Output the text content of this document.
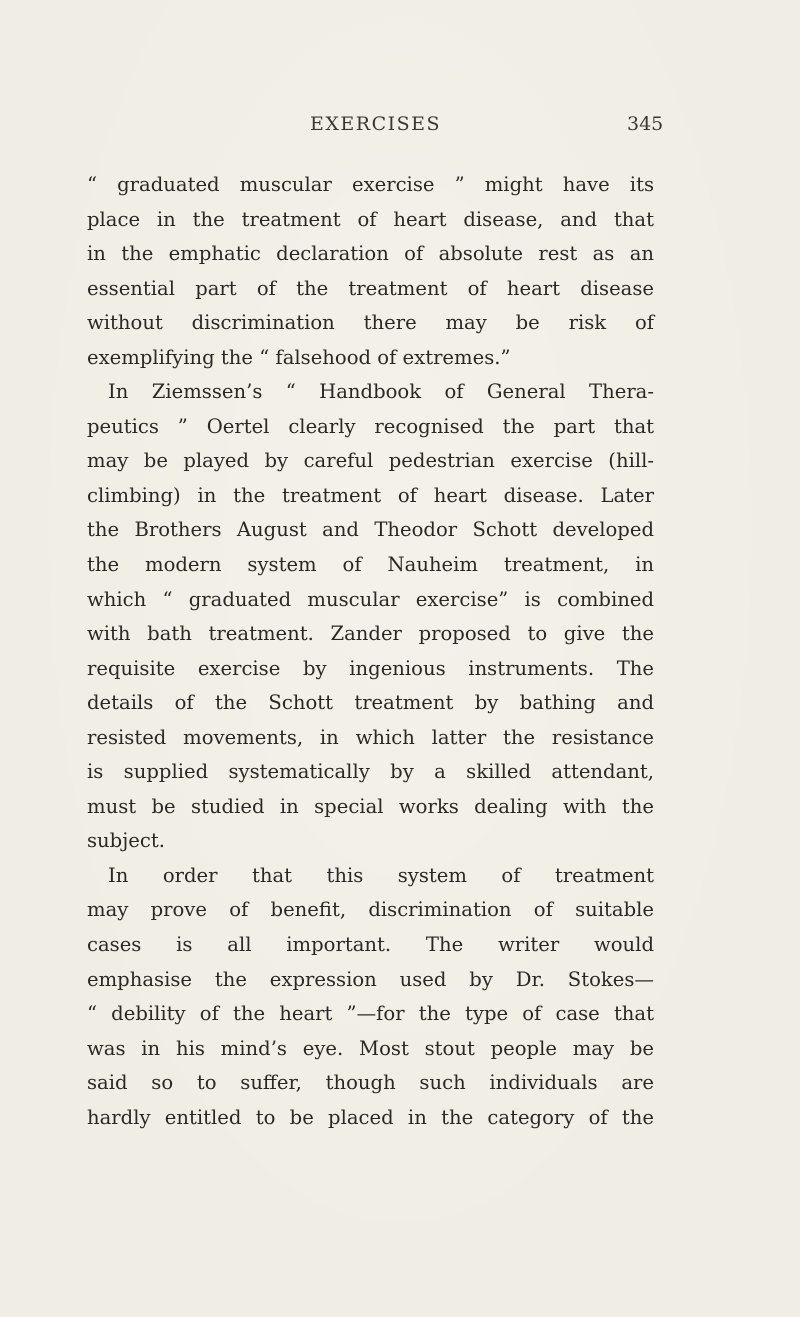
EXERCISES	345
“ graduated muscular exercise ” might have its
place in the treatment of heart disease, and that
in the emphatic declaration of absolute rest as an
essential part of the treatment of heart disease
without discrimination there may be risk of
exemplifying the “ falsehood of extremes.”
In Ziemssen’s “ Handbook of General Thera-
peutics ” Oertel clearly recognised the part that
may be played by careful pedestrian exercise (hill-
climbing) in the treatment of heart disease. Later
the Brothers August and Theodor Schott developed
the modern system of Nauheim treatment, in
which “ graduated muscular exercise” is combined
with bath treatment. Zander proposed to give the
requisite exercise by ingenious instruments. The
details of the Schott treatment by bathing and
resisted movements, in which latter the resistance
is supplied systematically by a skilled attendant,
must be studied in special works dealing with the
subject.
In order that this system of treatment
may prove of benefit, discrimination of suitable
cases is all important. The writer would
emphasise the expression used by Dr. Stokes—
“ debility of the heart ”—for the type of case that
was in his mind’s eye. Most stout people may be
said so to suffer, though such individuals are
hardly entitled to be placed in the category of the
